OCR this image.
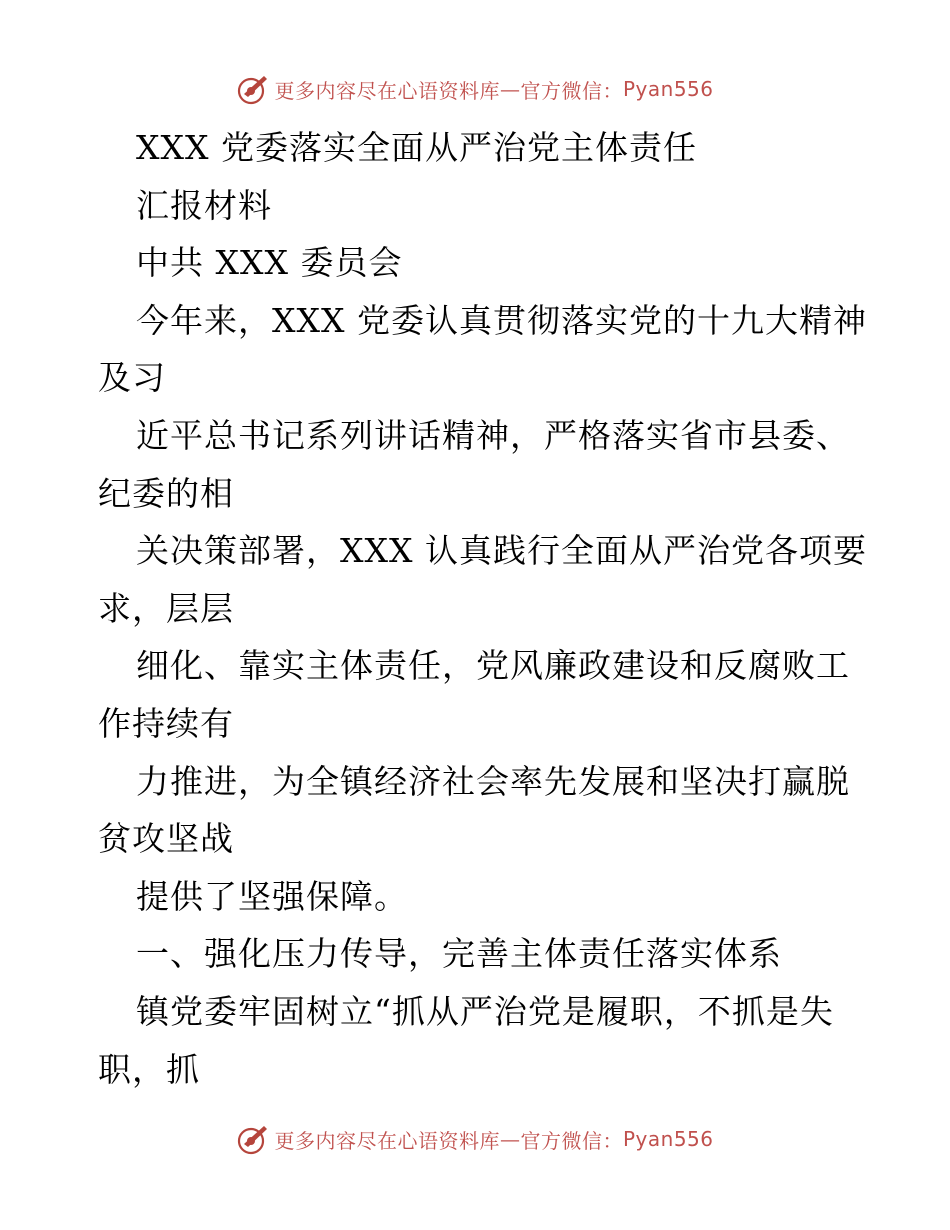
更多内容尽在心语资料库 — 官方微信： Pyan556
XXX 党委落实全面从严治党主体责任
汇报材料
中共 XXX 委员会
今年来，XXX 党委认真贯彻落实党的十九大精神
及习
近平总书记系列讲话精神，严格落实省市县委、
纪委的相
关决策部署，XXX 认真践行全面从严治党各项要
求，层层
细化、靠实主体责任，党风廉政建设和反腐败工
作持续有
力推进，为全镇经济社会率先发展和坚决打赢脱
贫攻坚战
提供了坚强保障。
一、强化压力传导，完善主体责任落实体系
镇党委牢固树立“抓从严治党是履职，不抓是失
职，抓
更多内容尽在心语资料库 — 官方微信： Pyan556
